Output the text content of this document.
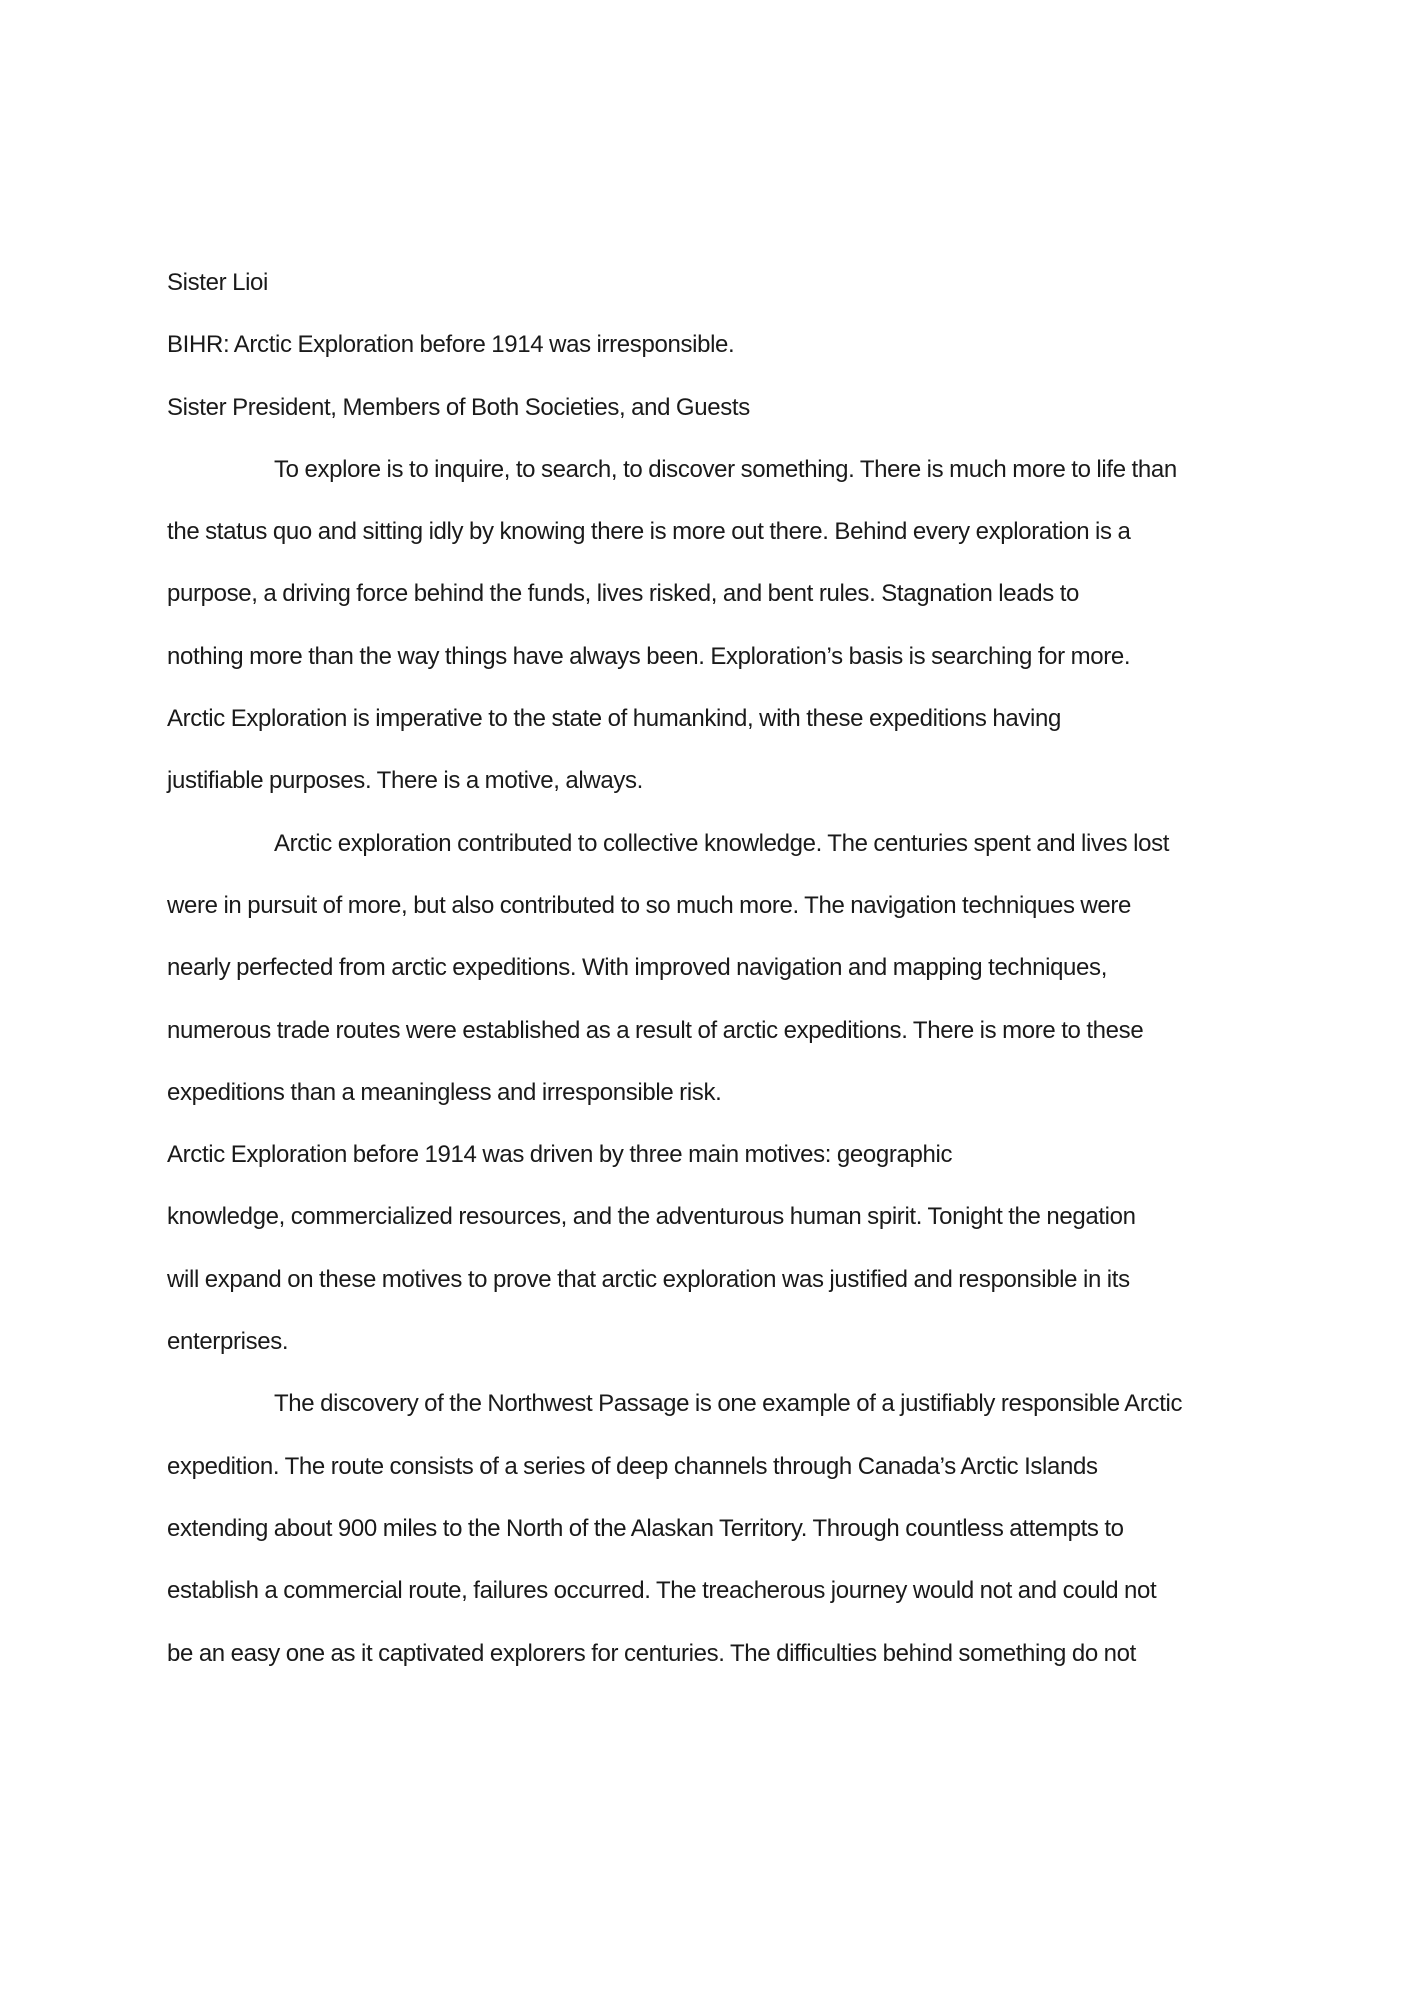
Sister Lioi
BIHR: Arctic Exploration before 1914 was irresponsible.
Sister President, Members of Both Societies, and Guests
To explore is to inquire, to search, to discover something. There is much more to life than
the status quo and sitting idly by knowing there is more out there. Behind every exploration is a
purpose, a driving force behind the funds, lives risked, and bent rules. Stagnation leads to
nothing more than the way things have always been. Exploration’s basis is searching for more.
Arctic Exploration is imperative to the state of humankind, with these expeditions having
justifiable purposes. There is a motive, always.
Arctic exploration contributed to collective knowledge. The centuries spent and lives lost
were in pursuit of more, but also contributed to so much more. The navigation techniques were
nearly perfected from arctic expeditions. With improved navigation and mapping techniques,
numerous trade routes were established as a result of arctic expeditions. There is more to these
expeditions than a meaningless and irresponsible risk.
Arctic Exploration before 1914 was driven by three main motives: geographic
knowledge, commercialized resources, and the adventurous human spirit. Tonight the negation
will expand on these motives to prove that arctic exploration was justified and responsible in its
enterprises.
The discovery of the Northwest Passage is one example of a justifiably responsible Arctic
expedition. The route consists of a series of deep channels through Canada’s Arctic Islands
extending about 900 miles to the North of the Alaskan Territory. Through countless attempts to
establish a commercial route, failures occurred. The treacherous journey would not and could not
be an easy one as it captivated explorers for centuries. The difficulties behind something do not
